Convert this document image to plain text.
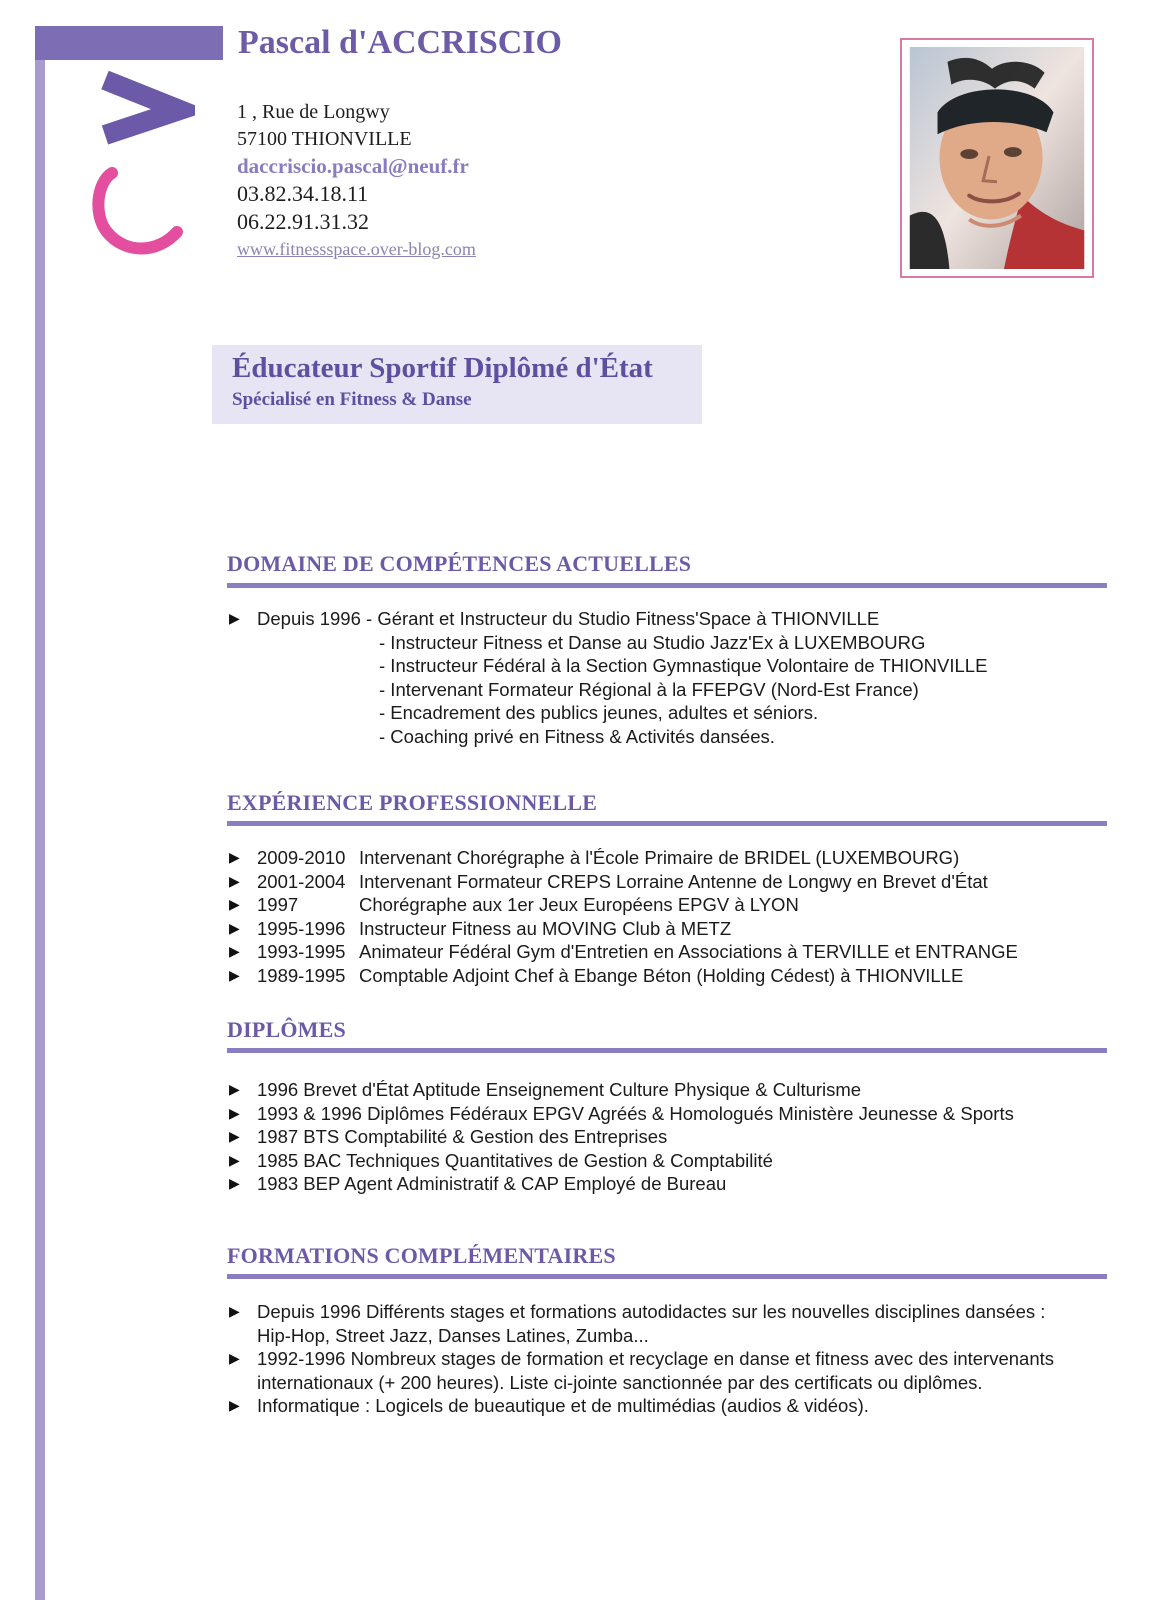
Pascal d'ACCRISCIO
1 , Rue de Longwy
57100 THIONVILLE
daccriscio.pascal@neuf.fr
03.82.34.18.11
06.22.91.31.32
www.fitnessspace.over-blog.com
Éducateur Sportif Diplômé d'État
Spécialisé en Fitness & Danse
DOMAINE DE COMPÉTENCES ACTUELLES
▶ Depuis 1996 - Gérant et Instructeur du Studio Fitness'Space à THIONVILLE
- Instructeur Fitness et Danse au Studio Jazz'Ex à LUXEMBOURG
- Instructeur Fédéral à la Section Gymnastique Volontaire de THIONVILLE
- Intervenant Formateur Régional à la FFEPGV (Nord-Est France)
- Encadrement des publics jeunes, adultes et séniors.
- Coaching privé en Fitness & Activités dansées.
EXPÉRIENCE PROFESSIONNELLE
▶ 2009-2010 Intervenant Chorégraphe à l'École Primaire de BRIDEL (LUXEMBOURG)
▶ 2001-2004 Intervenant Formateur CREPS Lorraine Antenne de Longwy en Brevet d'État
▶ 1997	Chorégraphe aux 1er Jeux Européens EPGV à LYON
▶ 1995-1996 Instructeur Fitness au MOVING Club à METZ
▶ 1993-1995 Animateur Fédéral Gym d'Entretien en Associations à TERVILLE et ENTRANGE
▶ 1989-1995 Comptable Adjoint Chef à Ebange Béton (Holding Cédest) à THIONVILLE
DIPLÔMES
▶ 1996 Brevet d'État Aptitude Enseignement Culture Physique & Culturisme
▶ 1993 & 1996 Diplômes Fédéraux EPGV Agréés & Homologués Ministère Jeunesse & Sports
▶ 1987 BTS Comptabilité & Gestion des Entreprises
▶ 1985 BAC Techniques Quantitatives de Gestion & Comptabilité
▶ 1983 BEP Agent Administratif & CAP Employé de Bureau
FORMATIONS COMPLÉMENTAIRES
▶ Depuis 1996 Différents stages et formations autodidactes sur les nouvelles disciplines dansées :
Hip-Hop, Street Jazz, Danses Latines, Zumba...
▶ 1992-1996 Nombreux stages de formation et recyclage en danse et fitness avec des intervenants
internationaux (+ 200 heures). Liste ci-jointe sanctionnée par des certificats ou diplômes.
▶ Informatique : Logicels de bueautique et de multimédias (audios & vidéos).
